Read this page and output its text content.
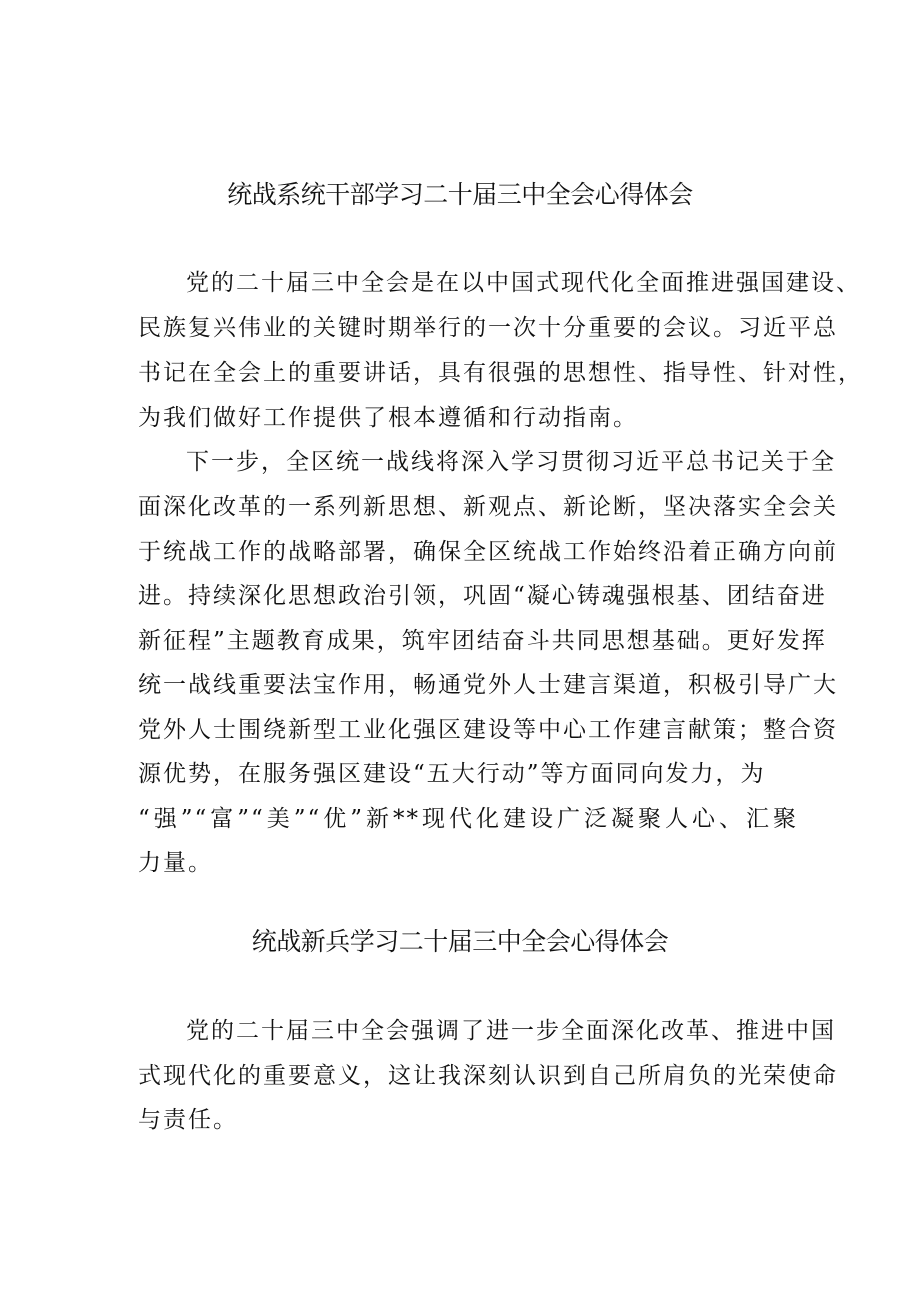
统战系统干部学习二十届三中全会心得体会
党的二十届三中全会是在以中国式现代化全面推进强国建设、
民族复兴伟业的关键时期举行的一次十分重要的会议。习近平总
书记在全会上的重要讲话，具有很强的思想性、指导性、针对性，
为我们做好工作提供了根本遵循和行动指南。
下一步，全区统一战线将深入学习贯彻习近平总书记关于全
面深化改革的一系列新思想、新观点、新论断，坚决落实全会关
于统战工作的战略部署，确保全区统战工作始终沿着正确方向前
进。持续深化思想政治引领，巩固“凝心铸魂强根基、团结奋进
新征程”主题教育成果，筑牢团结奋斗共同思想基础。更好发挥
统一战线重要法宝作用，畅通党外人士建言渠道，积极引导广大
党外人士围绕新型工业化强区建设等中心工作建言献策；整合资
源优势，在服务强区建设“五大行动”等方面同向发力，为
“强”“富”“美”“优”新**现代化建设广泛凝聚人心、汇聚
力量。
统战新兵学习二十届三中全会心得体会
党的二十届三中全会强调了进一步全面深化改革、推进中国
式现代化的重要意义，这让我深刻认识到自己所肩负的光荣使命
与责任。
